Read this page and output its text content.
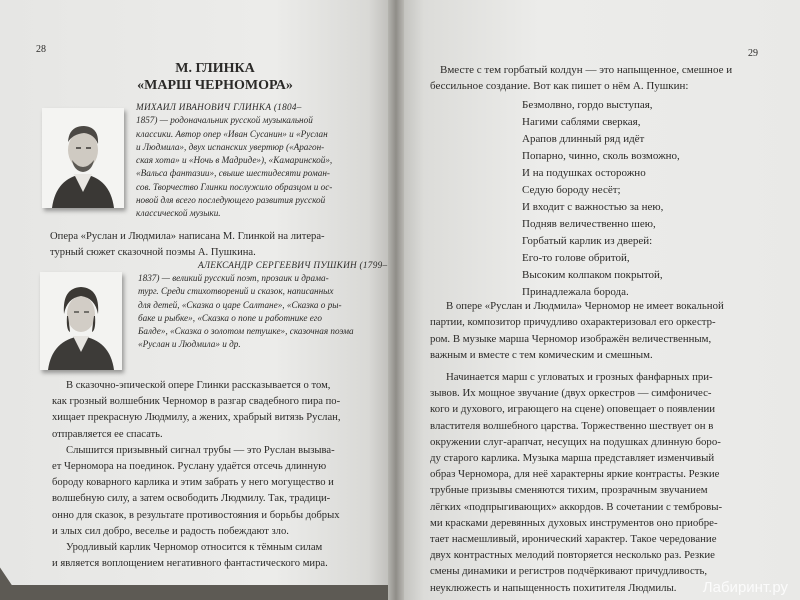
28
М. ГЛИНКА
«МАРШ ЧЕРНОМОРА»
МИХАИЛ ИВАНОВИЧ ГЛИНКА (1804–
1857) — родоначальник русской музыкальной
классики. Автор опер «Иван Сусанин» и «Руслан
и Людмила», двух испанских увертюр («Арагон-
ская хота» и «Ночь в Мадриде»), «Камаринской»,
«Вальса фантазии», свыше шестидесяти роман-
сов. Творчество Глинки послужило образцом и ос-
новой для всего последующего развития русской
классической музыки.
Опера «Руслан и Людмила» написана М. Глинкой на литера-
турный сюжет сказочной поэмы А. Пушкина.
АЛЕКСАНДР СЕРГЕЕВИЧ ПУШКИН (1799–
1837) — великий русский поэт, прозаик и драма-
тург. Среди стихотворений и сказок, написанных
для детей, «Сказка о царе Салтане», «Сказка о ры-
баке и рыбке», «Сказка о попе и работнике его
Балде», «Сказка о золотом петушке», сказочная поэма
«Руслан и Людмила» и др.
В сказочно-эпической опере Глинки рассказывается о том,
как грозный волшебник Черномор в разгар свадебного пира по-
хищает прекрасную Людмилу, а жених, храбрый витязь Руслан,
отправляется ее спасать.
Слышится призывный сигнал трубы — это Руслан вызыва-
ет Черномора на поединок. Руслану удаётся отсечь длинную
бороду коварного карлика и этим забрать у него могущество и
волшебную силу, а затем освободить Людмилу. Так, традици-
онно для сказок, в результате противостояния и борьбы добрых
и злых сил добро, веселье и радость побеждают зло.
Уродливый карлик Черномор относится к тёмным силам
и является воплощением негативного фантастического мира.
29
Вместе с тем горбатый колдун — это напыщенное, смешное и
бессильное создание. Вот как пишет о нём А. Пушкин:
Безмолвно, гордо выступая,
Нагими саблями сверкая,
Арапов длинный ряд идёт
Попарно, чинно, сколь возможно,
И на подушках осторожно
Седую бороду несёт;
И входит с важностью за нею,
Подняв величественно шею,
Горбатый карлик из дверей:
Его-то голове обритой,
Высоким колпаком покрытой,
Принадлежала борода.
В опере «Руслан и Людмила» Черномор не имеет вокальной
партии, композитор причудливо охарактеризовал его оркестр-
ром. В музыке марша Черномор изображён величественным,
важным и вместе с тем комическим и смешным.
Начинается марш с угловатых и грозных фанфарных при-
зывов. Их мощное звучание (двух оркестров — симфоничес-
кого и духового, играющего на сцене) оповещает о появлении
властителя волшебного царства. Торжественно шествует он в
окружении слуг-арапчат, несущих на подушках длинную боро-
ду старого карлика. Музыка марша представляет изменчивый
образ Черномора, для неё характерны яркие контрасты. Резкие
трубные призывы сменяются тихим, прозрачным звучанием
лёгких «подпрыгивающих» аккордов. В сочетании с тембровы-
ми красками деревянных духовых инструментов оно приобре-
тает насмешливый, иронический характер. Такое чередование
двух контрастных мелодий повторяется несколько раз. Резкие
смены динамики и регистров подчёркивают причудливость,
неуклюжесть и напыщенность похитителя Людмилы.	Лабиринт.ру
